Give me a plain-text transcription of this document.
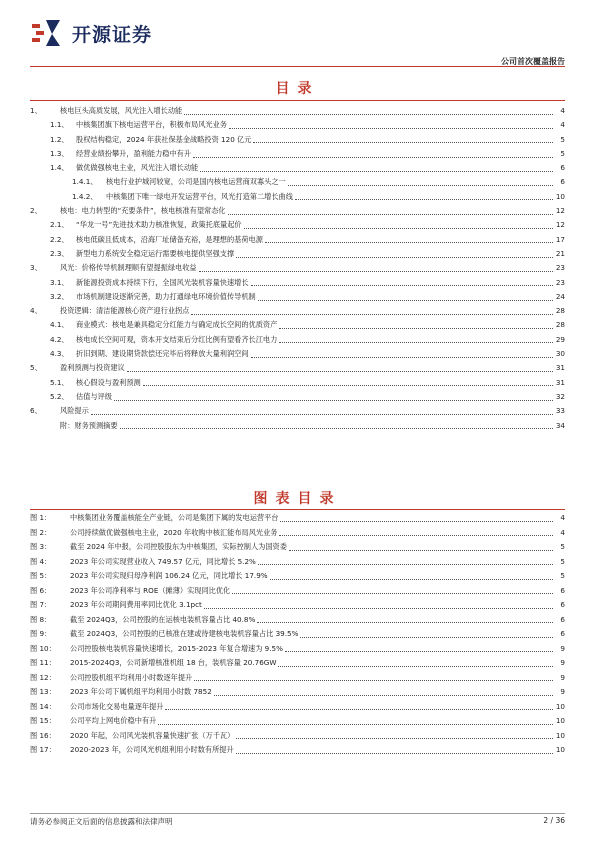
开源证券
公司首次覆盖报告
目录
1、	核电巨头高质发展，风光注入增长动能	4
1.1、	中核集团旗下核电运营平台，积极布局风光业务	4
1.2、	股权结构稳定，2024 年获社保基金战略投资 120 亿元	5
1.3、	经营业绩扮攀升，盈利能力稳中有升	5
1.4、	做优做强核电主业，风光注入增长动能	6
1.4.1、	核电行业护城河较宽，公司是国内核电运营商双寡头之一	6
1.4.2、	中核集团下唯一绿电开发运营平台，风光打造第二增长曲线	10
2、	核电：电力转型的“充要条件”，核电核准有望常态化	12
2.1、	“华龙一号”先进技术助力核准恢复，政策托底量起价	12
2.2、	核电低碳且低成本，沿海厂址储备充裕，是理想的基荷电源	17
2.3、	新型电力系统安全稳定运行需要核电提供坚强支撑	21
3、	风光：价格传导机制理顺有望提振绿电收益	23
3.1、	新能源投资成本持续下行，全国风光装机容量快速增长	23
3.2、	市场机制建设逐渐完善，助力打通绿电环境价值传导机制	24
4、	投资逻辑：清洁能源核心资产迎行业拐点	28
4.1、	商业模式：核电是兼具稳定分红能力与确定成长空间的优质资产	28
4.2、	核电成长空间可观，资本开支结束后分红比例有望看齐长江电力	29
4.3、	折旧到期、建设期贷款偿还完毕后将释放大量利润空间	30
5、	盈利预测与投资建议	31
5.1、	核心假设与盈利预测	31
5.2、	估值与评级	32
6、	风险提示	33
附：财务预测摘要	34
图表目录
图 1：	中核集团业务覆盖核能全产业链，公司是集团下属的发电运营平台	4
图 2：	公司持续做优做强核电主业，2020 年收购中核汇能布局风光业务	4
图 3：	截至 2024 年中报，公司控股股东为中核集团，实际控制人为国资委	5
图 4：	2023 年公司实现营业收入 749.57 亿元，同比增长 5.2%	5
图 5：	2023 年公司实现归母净利润 106.24 亿元，同比增长 17.9%	5
图 6：	2023 年公司净利率与 ROE（摊薄）实现同比优化	6
图 7：	2023 年公司期间费用率同比优化 3.1pct	6
图 8：	截至 2024Q3，公司控股的在运核电装机容量占比 40.8%	6
图 9：	截至 2024Q3，公司控股的已核准在建或待建核电装机容量占比 39.5%	6
图 10：	公司控股核电装机容量快速增长，2015-2023 年复合增速为 9.5%	9
图 11：	2015-2024Q3，公司新增核准机组 18 台，装机容量 20.76GW	9
图 12：	公司控股机组平均利用小时数逐年提升	9
图 13：	2023 年公司下属机组平均利用小时数 7852	9
图 14：	公司市场化交易电量逐年提升	10
图 15：	公司平均上网电价稳中有升	10
图 16：	2020 年起，公司风光装机容量快速扩张（万千瓦）	10
图 17：	2020-2023 年，公司风光机组利用小时数有所提升	10
请务必参阅正文后面的信息披露和法律声明	2 / 36
